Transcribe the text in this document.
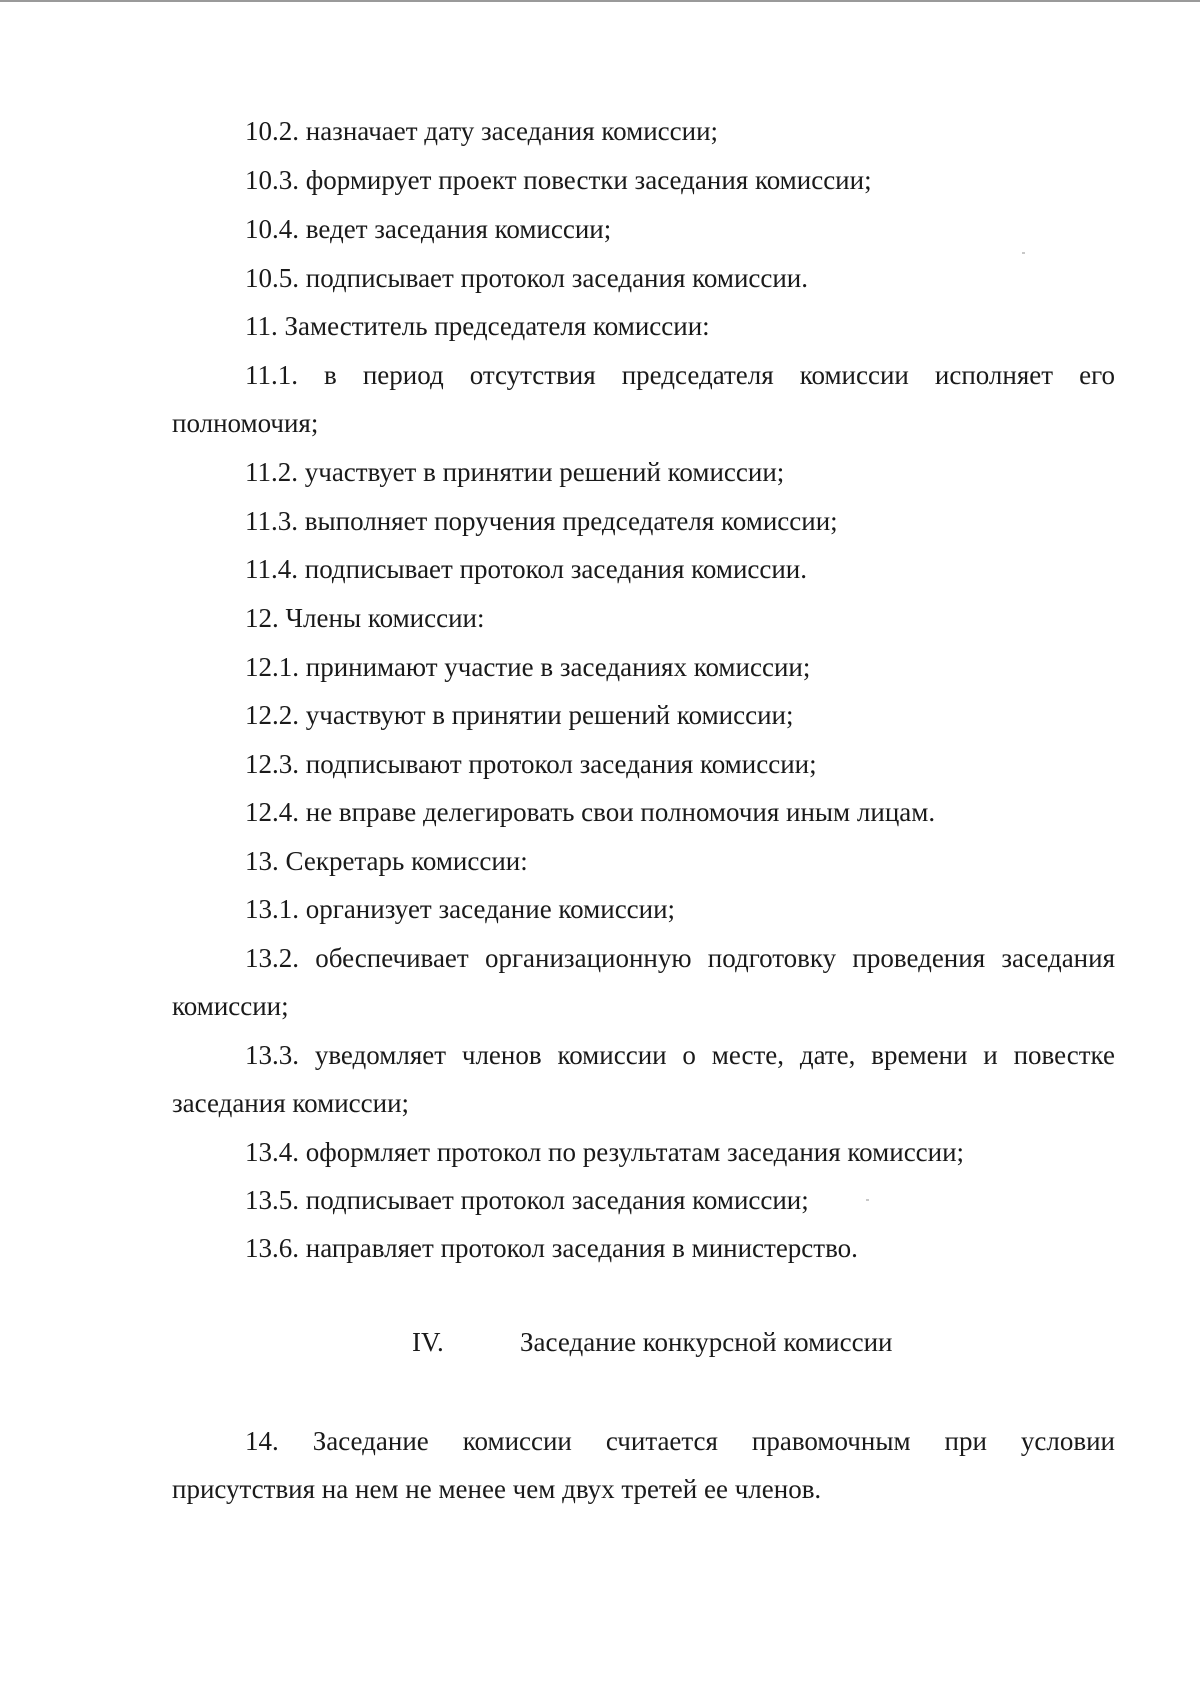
10.2. назначает дату заседания комиссии;

10.3. формирует проект повестки заседания комиссии;

10.4. ведет заседания комиссии;

10.5. подписывает протокол заседания комиссии.

11. Заместитель председателя комиссии:

11.1. в период отсутствия председателя комиссии исполняет его
полномочия;

11.2. участвует в принятии решений комиссии;

11.3. выполняет поручения председателя комиссии;

11.4. подписывает протокол заседания комиссии.

12. Члены комиссии:

12.1. принимают участие в заседаниях комиссии;

12.2. участвуют в принятии решений комиссии;

12.3. подписывают протокол заседания комиссии;

12.4. не вправе делегировать свои полномочия иным лицам.

13. Секретарь комиссии:

13.1. организует заседание комиссии;

13.2. обеспечивает организационную подготовку проведения заседания
комиссии;
13.3. уведомляет членов комиссии о месте, дате, времени и повестке
заседания комиссии;

13.4. оформляет протокол по результатам заседания комиссии;

13.5. подписывает протокол заседания комиссии;

13.6. направляет протокол заседания в министерство.

IV.	Заседание конкурсной комиссии
14. Заседание комиссии считается правомочным при условии
присутствия на нем не менее чем двух третей ее членов.
